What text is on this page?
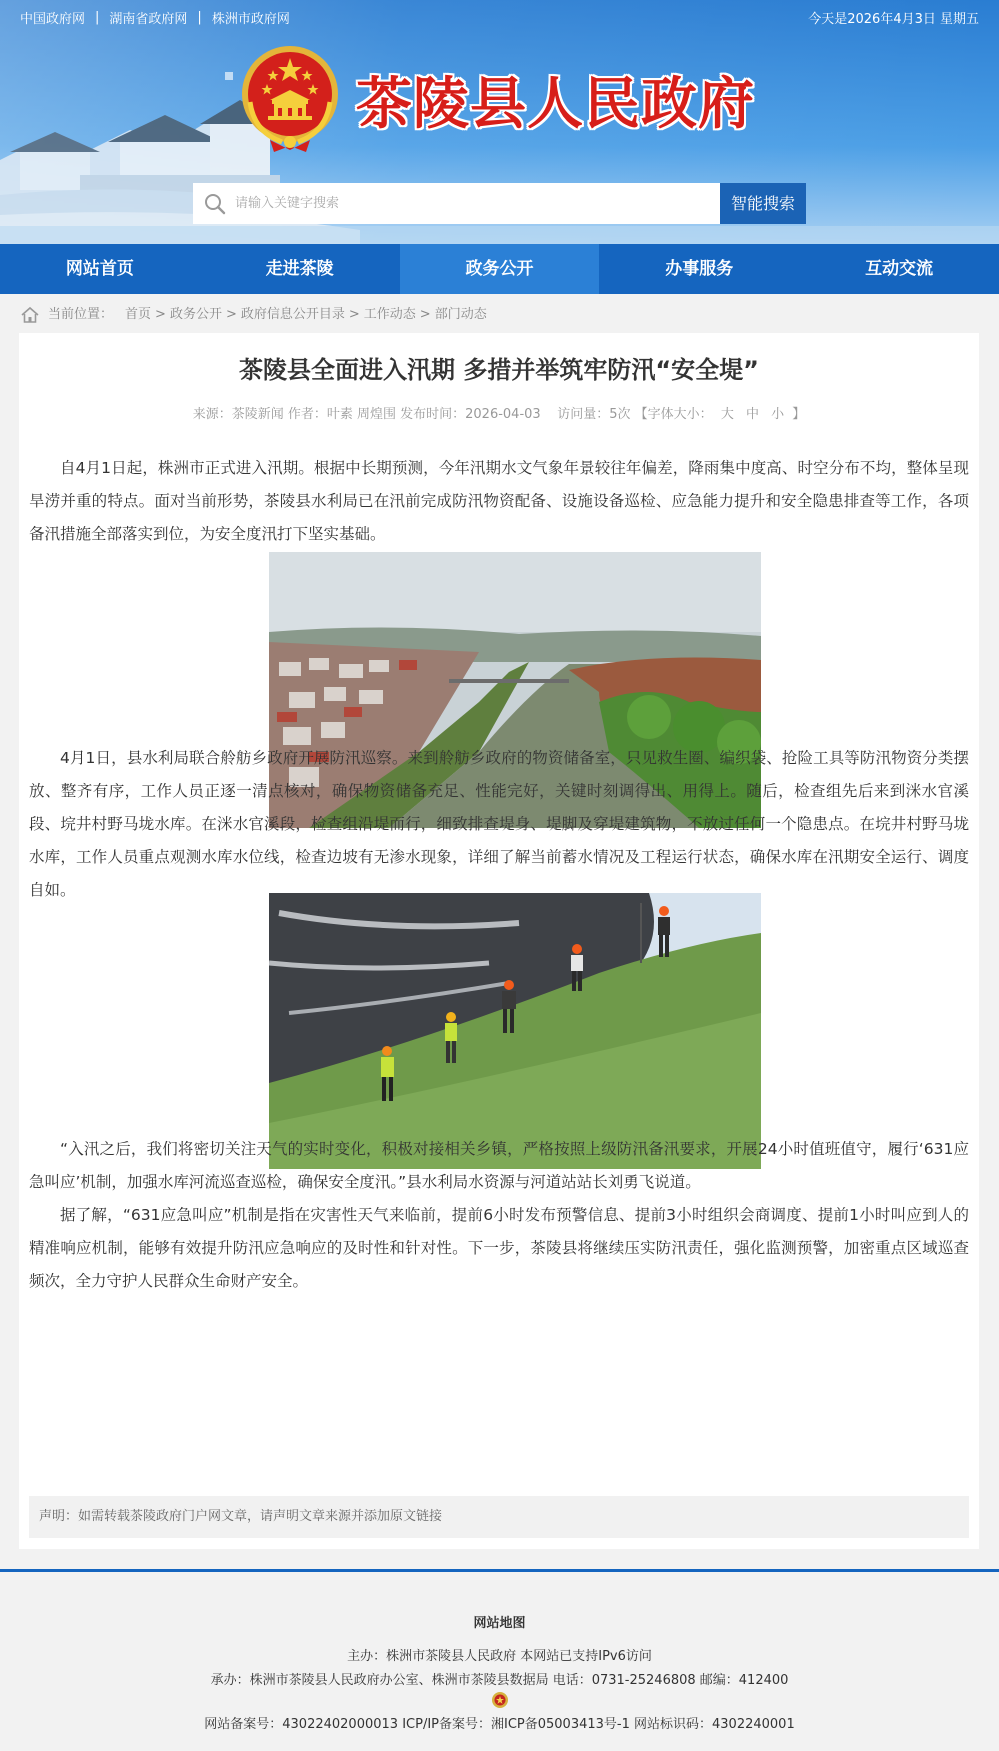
中国政府网 | 湖南省政府网 | 株洲市政府网	今天是2026年4月3日 星期五
茶陵县人民政府
请输入关键字搜索
智能搜索
网站首页	走进茶陵	政务公开	办事服务	互动交流
当前位置： 首页 > 政务公开 > 政府信息公开目录 > 工作动态 > 部门动态
茶陵县全面进入汛期 多措并举筑牢防汛“安全堤”
来源：茶陵新闻 作者：叶素 周煌围 发布时间：2026-04-03 访问量：5次 【字体大小： 大 中 小 】

自4月1日起，株洲市正式进入汛期。根据中长期预测，今年汛期水文气象年景较往年偏差，降雨集中度高、时空分布不均，整体呈现旱涝并重的特点。面对当前形势，茶陵县水利局已在汛前完成防汛物资配备、设施设备巡检、应急能力提升和安全隐患排查等工作，各项备汛措施全部落实到位，为安全度汛打下坚实基础。

4月1日，县水利局联合舲舫乡政府开展防汛巡察。来到舲舫乡政府的物资储备室，只见救生圈、编织袋、抢险工具等防汛物资分类摆放、整齐有序，工作人员正逐一清点核对，确保物资储备充足、性能完好，关键时刻调得出、用得上。随后，检查组先后来到洣水官溪段、垸井村野马垅水库。在洣水官溪段，检查组沿堤而行，细致排查堤身、堤脚及穿堤建筑物，不放过任何一个隐患点。在垸井村野马垅水库，工作人员重点观测水库水位线，检查边坡有无渗水现象，详细了解当前蓄水情况及工程运行状态，确保水库在汛期安全运行、调度自如。

“入汛之后，我们将密切关注天气的实时变化，积极对接相关乡镇，严格按照上级防汛备汛要求，开展24小时值班值守，履行‘631应急叫应’机制，加强水库河流巡查巡检，确保安全度汛。”县水利局水资源与河道站站长刘勇飞说道。

据了解，“631应急叫应”机制是指在灾害性天气来临前，提前6小时发布预警信息、提前3小时组织会商调度、提前1小时叫应到人的精准响应机制，能够有效提升防汛应急响应的及时性和针对性。下一步，茶陵县将继续压实防汛责任，强化监测预警，加密重点区域巡查频次，全力守护人民群众生命财产安全。

声明：如需转载茶陵政府门户网文章，请声明文章来源并添加原文链接
网站地图
主办：株洲市茶陵县人民政府 本网站已支持IPv6访问
承办：株洲市茶陵县人民政府办公室、株洲市茶陵县数据局 电话：0731-25246808 邮编：412400
网站备案号：43022402000013 ICP/IP备案号：湘ICP备05003413号-1 网站标识码：4302240001
